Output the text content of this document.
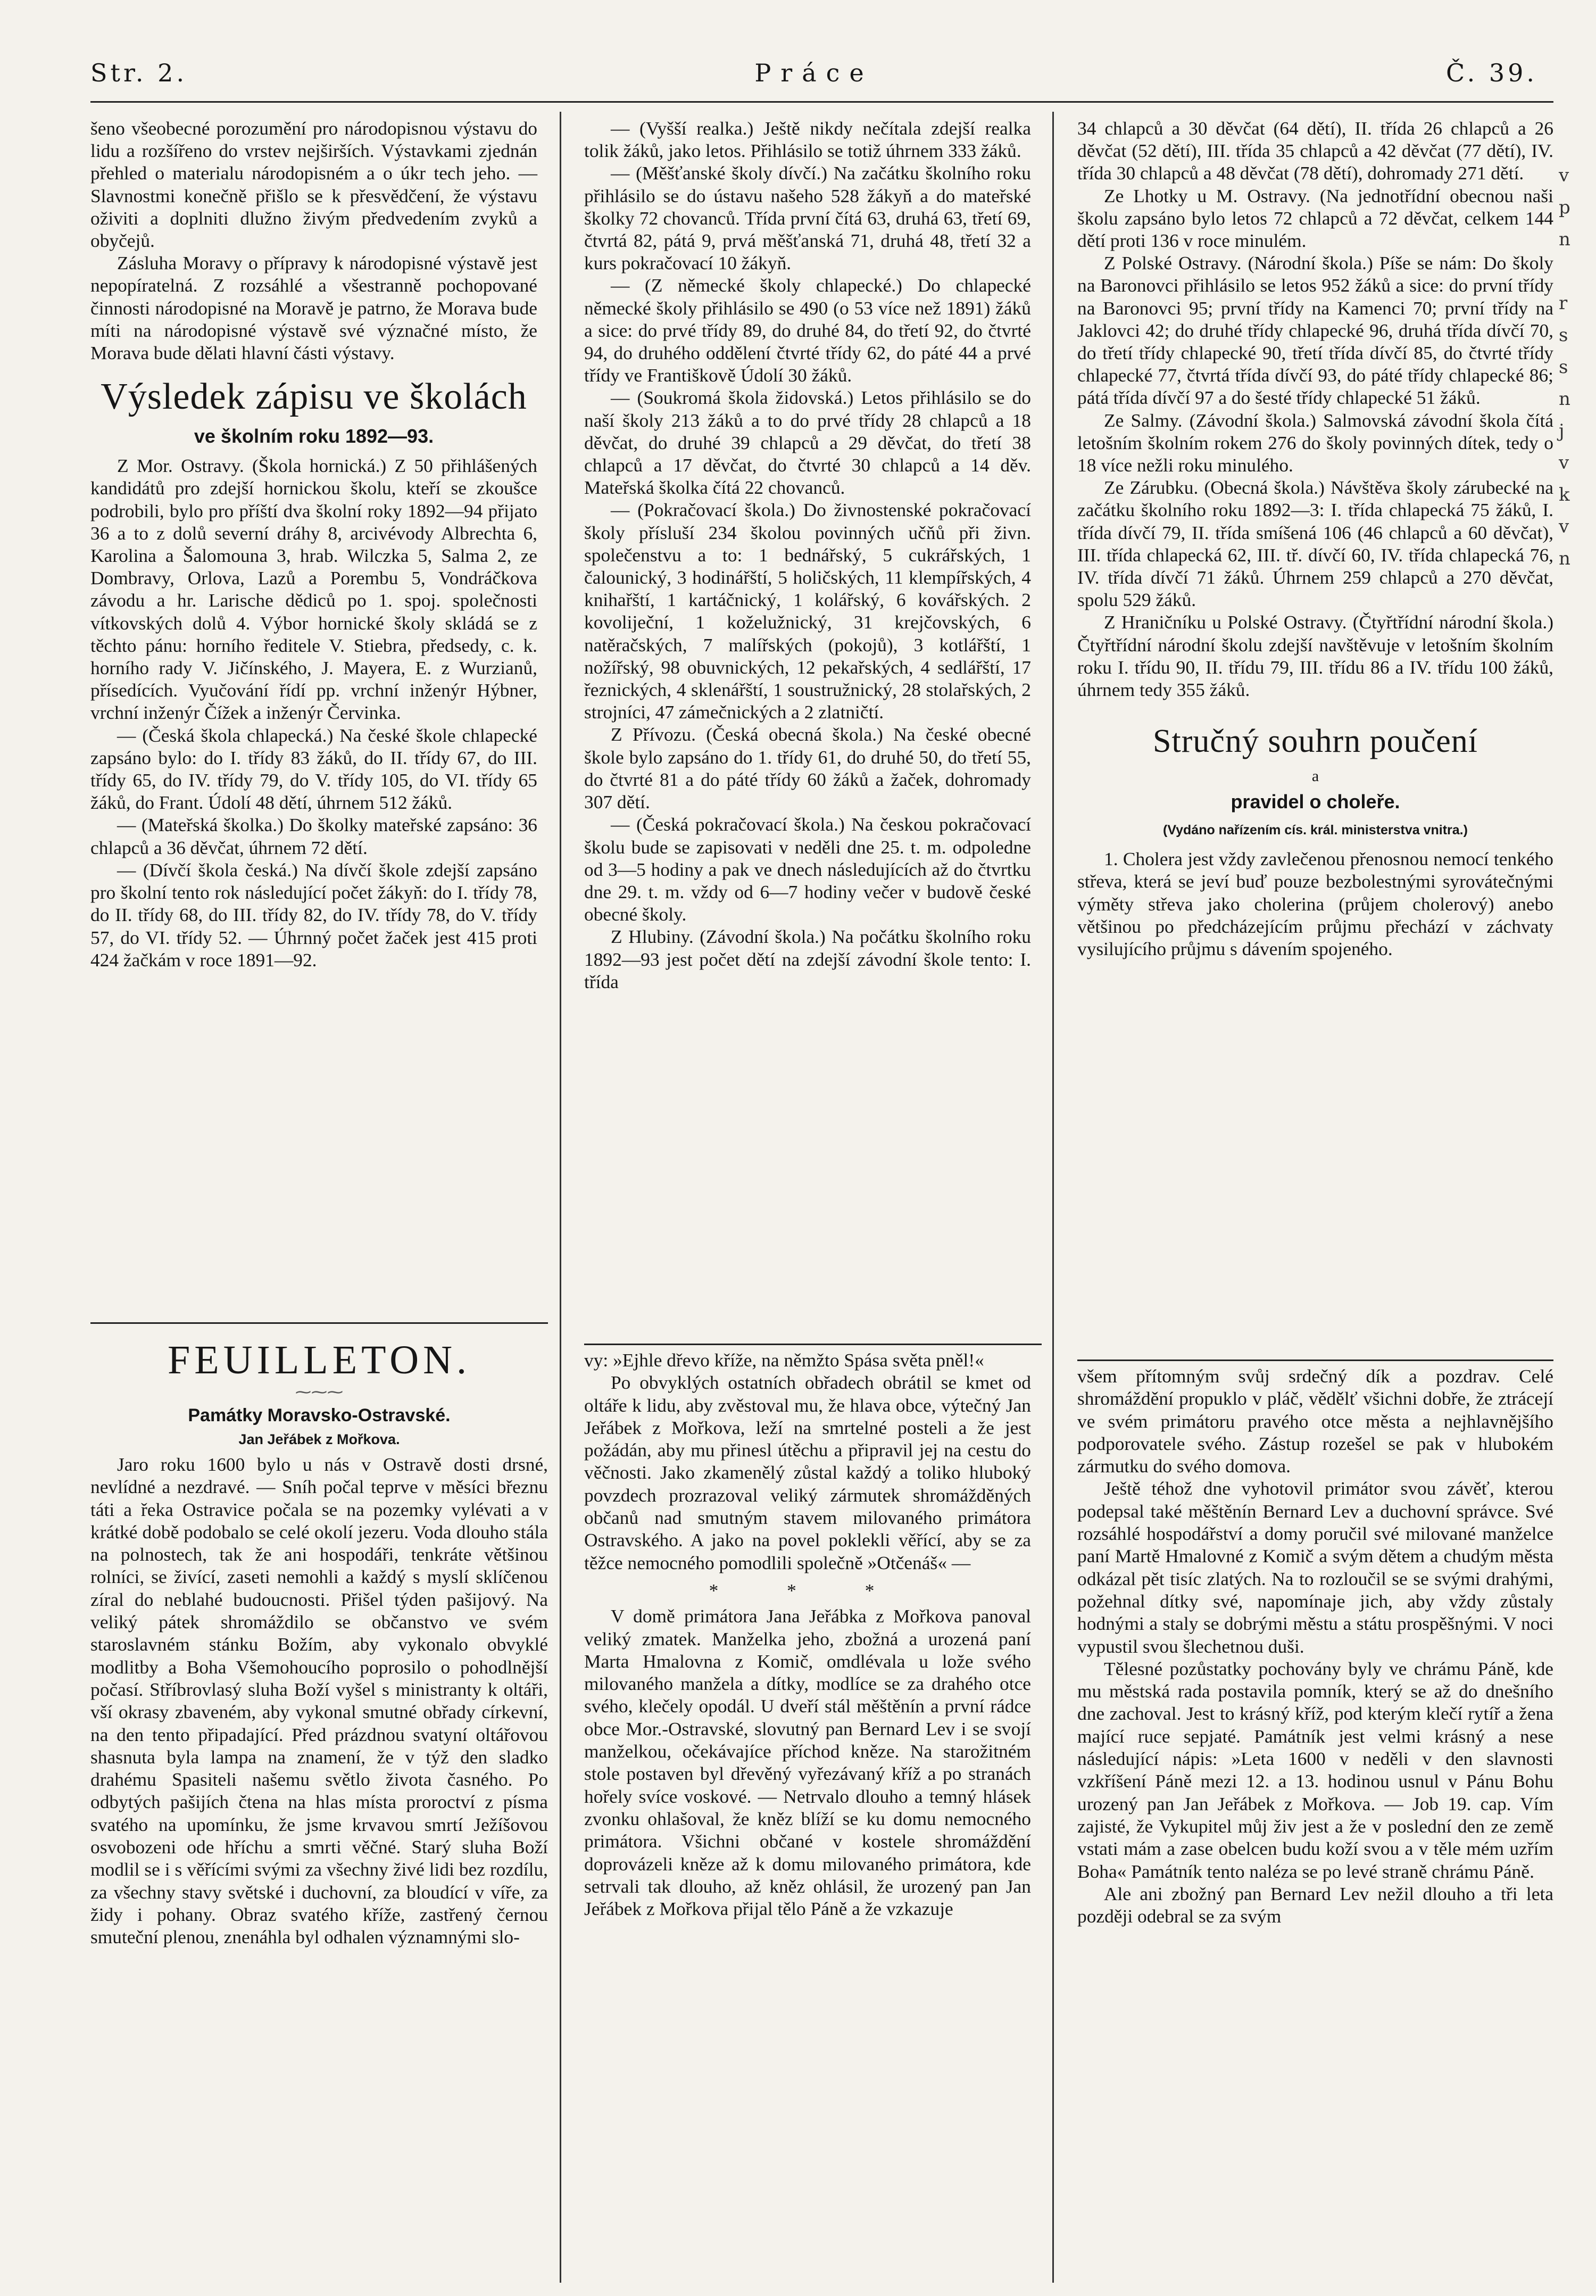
Str. 2.	Práce	Č. 39.

šeno všeobecné porozumění pro národopisnou výstavu do lidu a rozšířeno do vrstev nejširších. Výstavkami zjednán přehled o materialu národopisném a o úkr tech jeho. — Slavnostmi konečně přišlo se k přesvědčení, že výstavu oživiti a doplniti dlužno živým předvedením zvyků a obyčejů.

Zásluha Moravy o přípravy k národopisné výstavě jest nepopíratelná. Z rozsáhlé a všestranně pochopované činnosti národopisné na Moravě je patrno, že Morava bude míti na národopisné výstavě své význačné místo, že Morava bude dělati hlavní části výstavy.

Výsledek zápisu ve školách
ve školním roku 1892—93.

Z Mor. Ostravy. (Škola hornická.) Z 50 přihlášených kandidátů pro zdejší hornickou školu, kteří se zkoušce podrobili, bylo pro příští dva školní roky 1892—94 přijato 36 a to z dolů severní dráhy 8, arcivévody Albrechta 6, Karolina a Šalomouna 3, hrab. Wilczka 5, Salma 2, ze Dombravy, Orlova, Lazů a Porembu 5, Vondráčkova závodu a hr. Larische dědiců po 1. spoj. společnosti vítkovských dolů 4. Výbor hornické školy skládá se z těchto pánu: horního ředitele V. Stiebra, předsedy, c. k. horního rady V. Jičínského, J. Mayera, E. z Wurzianů, přísedících. Vyučování řídí pp. vrchní inženýr Hýbner, vrchní inženýr Čížek a inženýr Červinka.

— (Česká škola chlapecká.) Na české škole chlapecké zapsáno bylo: do I. třídy 83 žáků, do II. třídy 67, do III. třídy 65, do IV. třídy 79, do V. třídy 105, do VI. třídy 65 žáků, do Frant. Údolí 48 dětí, úhrnem 512 žáků.

— (Mateřská školka.) Do školky mateřské zapsáno: 36 chlapců a 36 děvčat, úhrnem 72 dětí.

— (Dívčí škola česká.) Na dívčí škole zdejší zapsáno pro školní tento rok následující počet žákyň: do I. třídy 78, do II. třídy 68, do III. třídy 82, do IV. třídy 78, do V. třídy 57, do VI. třídy 52. — Úhrnný počet žaček jest 415 proti 424 žačkám v roce 1891—92.

— (Vyšší realka.) Ještě nikdy nečítala zdejší realka tolik žáků, jako letos. Přihlásilo se totiž úhrnem 333 žáků.

— (Měšťanské školy dívčí.) Na začátku školního roku přihlásilo se do ústavu našeho 528 žákyň a do mateřské školky 72 chovanců. Třída první čítá 63, druhá 63, třetí 69, čtvrtá 82, pátá 9, prvá měšťanská 71, druhá 48, třetí 32 a kurs pokračovací 10 žákyň.

— (Z německé školy chlapecké.) Do chlapecké německé školy přihlásilo se 490 (o 53 více než 1891) žáků a sice: do prvé třídy 89, do druhé 84, do třetí 92, do čtvrté 94, do druhého oddělení čtvrté třídy 62, do páté 44 a prvé třídy ve Františkově Údolí 30 žáků.

— (Soukromá škola židovská.) Letos přihlásilo se do naší školy 213 žáků a to do prvé třídy 28 chlapců a 18 děvčat, do druhé 39 chlapců a 29 děvčat, do třetí 38 chlapců a 17 děvčat, do čtvrté 30 chlapců a 14 děv. Mateřská školka čítá 22 chovanců.

— (Pokračovací škola.) Do živnostenské pokračovací školy přísluší 234 školou povinných učňů při živn. společenstvu a to: 1 bednářský, 5 cukrářských, 1 čalounický, 3 hodinářští, 5 holičských, 11 klempířských, 4 knihařští, 1 kartáčnický, 1 kolářský, 6 kovářských. 2 kovoliječní, 1 koželužnický, 31 krejčovských, 6 natěračských, 7 malířských (pokojů), 3 kotlářští, 1 nožířský, 98 obuvnických, 12 pekařských, 4 sedlářští, 17 řeznických, 4 sklenářští, 1 soustružnický, 28 stolařských, 2 strojníci, 47 zámečnických a 2 zlatničtí.

Z Přívozu. (Česká obecná škola.) Na české obecné škole bylo zapsáno do 1. třídy 61, do druhé 50, do třetí 55, do čtvrté 81 a do páté třídy 60 žáků a žaček, dohromady 307 dětí.

— (Česká pokračovací škola.) Na českou pokračovací školu bude se zapisovati v neděli dne 25. t. m. odpoledne od 3—5 hodiny a pak ve dnech následujících až do čtvrtku dne 29. t. m. vždy od 6—7 hodiny večer v budově české obecné školy.

Z Hlubiny. (Závodní škola.) Na počátku školního roku 1892—93 jest počet dětí na zdejší závodní škole tento: I. třída

34 chlapců a 30 děvčat (64 dětí), II. třída 26 chlapců a 26 děvčat (52 dětí), III. třída 35 chlapců a 42 děvčat (77 dětí), IV. třída 30 chlapců a 48 děvčat (78 dětí), dohromady 271 dětí.

Ze Lhotky u M. Ostravy. (Na jednotřídní obecnou naši školu zapsáno bylo letos 72 chlapců a 72 děvčat, celkem 144 dětí proti 136 v roce minulém.

Z Polské Ostravy. (Národní škola.) Píše se nám: Do školy na Baronovci přihlásilo se letos 952 žáků a sice: do první třídy na Baronovci 95; první třídy na Kamenci 70; první třídy na Jaklovci 42; do druhé třídy chlapecké 96, druhá třída dívčí 70, do třetí třídy chlapecké 90, třetí třída dívčí 85, do čtvrté třídy chlapecké 77, čtvrtá třída dívčí 93, do páté třídy chlapecké 86; pátá třída dívčí 97 a do šesté třídy chlapecké 51 žáků.

Ze Salmy. (Závodní škola.) Salmovská závodní škola čítá letošním školním rokem 276 do školy povinných dítek, tedy o 18 více nežli roku minulého.

Ze Zárubku. (Obecná škola.) Návštěva školy zárubecké na začátku školního roku 1892—3: I. třída chlapecká 75 žáků, I. třída dívčí 79, II. třída smíšená 106 (46 chlapců a 60 děvčat), III. třída chlapecká 62, III. tř. dívčí 60, IV. třída chlapecká 76, IV. třída dívčí 71 žáků. Úhrnem 259 chlapců a 270 děvčat, spolu 529 žáků.

Z Hraničníku u Polské Ostravy. (Čtyřtřídní národní škola.) Čtyřtřídní národní školu zdejší navštěvuje v letošním školním roku I. třídu 90, II. třídu 79, III. třídu 86 a IV. třídu 100 žáků, úhrnem tedy 355 žáků.

Stručný souhrn poučení
a
pravidel o choleře.
(Vydáno nařízením cís. král. ministerstva vnitra.)

1. Cholera jest vždy zavlečenou přenosnou nemocí tenkého střeva, která se jeví buď pouze bezbolestnými syrovátečnými výměty střeva jako cholerina (průjem cholerový) anebo většinou po předcházejícím průjmu přechází v záchvaty vysilujícího průjmu s dávením spojeného.

FEUILLETON.
⁓⁓⁓
Památky Moravsko-Ostravské.
Jan Jeřábek z Mořkova.

Jaro roku 1600 bylo u nás v Ostravě dosti drsné, nevlídné a nezdravé. — Sníh počal teprve v měsíci březnu táti a řeka Ostravice počala se na pozemky vylévati a v krátké době podobalo se celé okolí jezeru. Voda dlouho stála na polnostech, tak že ani hospodáři, tenkráte většinou rolníci, se živící, zaseti nemohli a každý s myslí sklíčenou zíral do neblahé budoucnosti. Přišel týden pašijový. Na veliký pátek shromáždilo se občanstvo ve svém staroslavném stánku Božím, aby vykonalo obvyklé modlitby a Boha Všemohoucího poprosilo o pohodlnější počasí. Stříbrovlasý sluha Boží vyšel s ministranty k oltáři, vší okrasy zbaveném, aby vykonal smutné obřady církevní, na den tento připadající. Před prázdnou svatyní oltářovou shasnuta byla lampa na znamení, že v týž den sladko drahému Spasiteli našemu světlo života časného. Po odbytých pašijích čtena na hlas místa proroctví z písma svatého na upomínku, že jsme krvavou smrtí Ježíšovou osvobozeni ode hříchu a smrti věčné. Starý sluha Boží modlil se i s věřícími svými za všechny živé lidi bez rozdílu, za všechny stavy světské i duchovní, za bloudící v víře, za židy i pohany. Obraz svatého kříže, zastřený černou smuteční plenou, znenáhla byl odhalen významnými slo-

vy: »Ejhle dřevo kříže, na němžto Spása světa pněl!«

Po obvyklých ostatních obřadech obrátil se kmet od oltáře k lidu, aby zvěstoval mu, že hlava obce, výtečný Jan Jeřábek z Mořkova, leží na smrtelné posteli a že jest požádán, aby mu přinesl útěchu a připravil jej na cestu do věčnosti. Jako zkamenělý zůstal každý a toliko hluboký povzdech prozrazoval veliký zármutek shromážděných občanů nad smutným stavem milovaného primátora Ostravského. A jako na povel poklekli věřící, aby se za těžce nemocného pomodlili společně »Otčenáš« —

* * *

V domě primátora Jana Jeřábka z Mořkova panoval veliký zmatek. Manželka jeho, zbožná a urozená paní Marta Hmalovna z Komič, omdlévala u lože svého milovaného manžela a dítky, modlíce se za drahého otce svého, klečely opodál. U dveří stál měštěnín a první rádce obce Mor.-Ostravské, slovutný pan Bernard Lev i se svojí manželkou, očekávajíce příchod kněze. Na starožitném stole postaven byl dřevěný vyřezávaný kříž a po stranách hořely svíce voskové. — Netrvalo dlouho a temný hlásek zvonku ohlašoval, že kněz blíží se ku domu nemocného primátora. Všichni občané v kostele shromáždění doprovázeli kněze až k domu milovaného primátora, kde setrvali tak dlouho, až kněz ohlásil, že urozený pan Jan Jeřábek z Mořkova přijal tělo Páně a že vzkazuje

všem přítomným svůj srdečný dík a pozdrav. Celé shromáždění propuklo v pláč, vědělť všichni dobře, že ztrácejí ve svém primátoru pravého otce města a nejhlavnějšího podporovatele svého. Zástup rozešel se pak v hlubokém zármutku do svého domova.

Ještě téhož dne vyhotovil primátor svou závěť, kterou podepsal také měštěnín Bernard Lev a duchovní správce. Své rozsáhlé hospodářství a domy poručil své milované manželce paní Martě Hmalovné z Komič a svým dětem a chudým města odkázal pět tisíc zlatých. Na to rozloučil se se svými drahými, požehnal dítky své, napomínaje jich, aby vždy zůstaly hodnými a staly se dobrými městu a státu prospěšnými. V noci vypustil svou šlechetnou duši.

Tělesné pozůstatky pochovány byly ve chrámu Páně, kde mu městská rada postavila pomník, který se až do dnešního dne zachoval. Jest to krásný kříž, pod kterým klečí rytíř a žena mající ruce sepjaté. Památník jest velmi krásný a nese následující nápis: »Leta 1600 v neděli v den slavnosti vzkříšení Páně mezi 12. a 13. hodinou usnul v Pánu Bohu urozený pan Jan Jeřábek z Mořkova. — Job 19. cap. Vím zajisté, že Vykupitel můj živ jest a že v poslední den ze země vstati mám a zase obelcen budu koží svou a v těle mém uzřím Boha« Památník tento naléza se po levé straně chrámu Páně.

Ale ani zbožný pan Bernard Lev nežil dlouho a tři leta později odebral se za svým

v
p
n
r
s
s
n
j
v
k
v
n
